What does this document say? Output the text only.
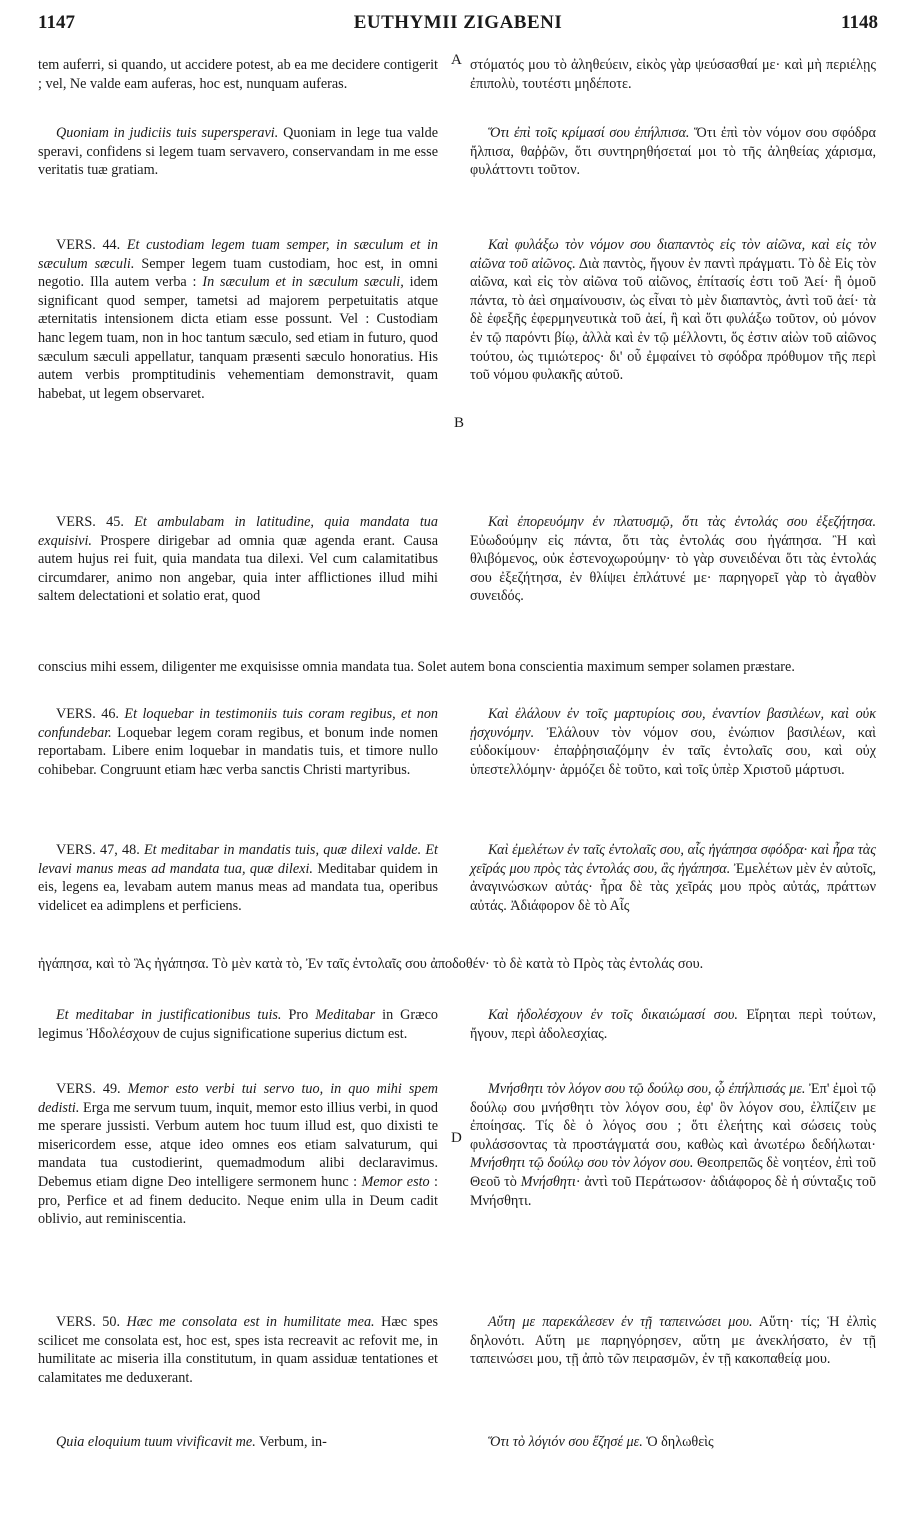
1147	EUTHYMII ZIGABENI	1148
A
B
D

tem auferri, si quando, ut accidere potest, ab ea me decidere contigerit ; vel, Ne valde eam auferas, hoc est, nunquam auferas.

στόματός μου τὸ ἀληθεύειν, εἰκὸς γὰρ ψεύσασθαί με· καὶ μὴ περιέλῃς ἐπιπολὺ, τουτέστι μηδέποτε.

Quoniam in judiciis tuis supersperavi. Quoniam in lege tua valde speravi, confidens si legem tuam servavero, conservandam in me esse veritatis tuæ gratiam.

Ὅτι ἐπὶ τοῖς κρίμασί σου ἐπήλπισα. Ὅτι ἐπὶ τὸν νόμον σου σφόδρα ἤλπισα, θαῤῥῶν, ὅτι συντηρηθήσεταί μοι τὸ τῆς ἀληθείας χάρισμα, φυλάττοντι τοῦτον.

VERS. 44. Et custodiam legem tuam semper, in sæculum et in sæculum sæculi. Semper legem tuam custodiam, hoc est, in omni negotio. Illa autem verba : In sæculum et in sæculum sæculi, idem significant quod semper, tametsi ad majorem perpetuitatis atque æternitatis intensionem dicta etiam esse possunt. Vel : Custodiam hanc legem tuam, non in hoc tantum sæculo, sed etiam in futuro, quod sæculum sæculi appellatur, tanquam præsenti sæculo honoratius. His autem verbis promptitudinis vehementiam demonstravit, quam habebat, ut legem observaret.

Καὶ φυλάξω τὸν νόμον σου διαπαντὸς εἰς τὸν αἰῶνα, καὶ εἰς τὸν αἰῶνα τοῦ αἰῶνος. Διὰ παντὸς, ἤγουν ἐν παντὶ πράγματι. Τὸ δὲ Εἰς τὸν αἰῶνα, καὶ εἰς τὸν αἰῶνα τοῦ αἰῶνος, ἐπίτασίς ἐστι τοῦ Ἀεί· ἢ ὁμοῦ πάντα, τὸ ἀεὶ σημαίνουσιν, ὡς εἶναι τὸ μὲν διαπαντὸς, ἀντὶ τοῦ ἀεί· τὰ δὲ ἐφεξῆς ἐφερμηνευτικὰ τοῦ ἀεί, ἢ καὶ ὅτι φυλάξω τοῦτον, οὐ μόνον ἐν τῷ παρόντι βίῳ, ἀλλὰ καὶ ἐν τῷ μέλλοντι, ὅς ἐστιν αἰὼν τοῦ αἰῶνος τούτου, ὡς τιμιώτερος· δι' οὗ ἐμφαίνει τὸ σφόδρα πρόθυμον τῆς περὶ τοῦ νόμου φυλακῆς αὐτοῦ.

VERS. 45. Et ambulabam in latitudine, quia mandata tua exquisivi. Prospere dirigebar ad omnia quæ agenda erant. Causa autem hujus rei fuit, quia mandata tua dilexi. Vel cum calamitatibus circumdarer, animo non angebar, quia inter afflictiones illud mihi saltem delectationi et solatio erat, quod

Καὶ ἐπορευόμην ἐν πλατυσμῷ, ὅτι τὰς ἐντολάς σου ἐξεζήτησα. Εὐωδούμην εἰς πάντα, ὅτι τὰς ἐντολάς σου ἠγάπησα. Ἢ καὶ θλιβόμενος, οὐκ ἐστενοχωρούμην· τὸ γὰρ συνειδέναι ὅτι τὰς ἐντολάς σου ἐξεζήτησα, ἐν θλίψει ἐπλάτυνέ με· παρηγορεῖ γὰρ τὸ ἀγαθὸν συνειδός.

conscius mihi essem, diligenter me exquisisse omnia mandata tua. Solet autem bona conscientia maximum semper solamen præstare.

VERS. 46. Et loquebar in testimoniis tuis coram regibus, et non confundebar. Loquebar legem coram regibus, et bonum inde nomen reportabam. Libere enim loquebar in mandatis tuis, et timore nullo cohibebar. Congruunt etiam hæc verba sanctis Christi martyribus.

Καὶ ἐλάλουν ἐν τοῖς μαρτυρίοις σου, ἐναντίον βασιλέων, καὶ οὐκ ᾐσχυνόμην. Ἐλάλουν τὸν νόμον σου, ἐνώπιον βασιλέων, καὶ εὐδοκίμουν· ἐπαῤῥησιαζόμην ἐν ταῖς ἐντολαῖς σου, καὶ οὐχ ὑπεστελλόμην· ἁρμόζει δὲ τοῦτο, καὶ τοῖς ὑπὲρ Χριστοῦ μάρτυσι.

VERS. 47, 48. Et meditabar in mandatis tuis, quæ dilexi valde. Et levavi manus meas ad mandata tua, quæ dilexi. Meditabar quidem in eis, legens ea, levabam autem manus meas ad mandata tua, operibus videlicet ea adimplens et perficiens.

Καὶ ἐμελέτων ἐν ταῖς ἐντολαῖς σου, αἷς ἠγάπησα σφόδρα· καὶ ἦρα τὰς χεῖράς μου πρὸς τὰς ἐντολάς σου, ἃς ἠγάπησα. Ἐμελέτων μὲν ἐν αὐτοῖς, ἀναγινώσκων αὐτάς· ἦρα δὲ τὰς χεῖράς μου πρὸς αὐτάς, πράττων αὐτάς. Ἀδιάφορον δὲ τὸ Αἷς

ἠγάπησα, καὶ τὸ Ἃς ἠγάπησα. Τὸ μὲν κατὰ τὸ, Ἐν ταῖς ἐντολαῖς σου ἀποδοθέν· τὸ δὲ κατὰ τὸ Πρὸς τὰς ἐντολάς σου.

Et meditabar in justificationibus tuis. Pro Meditabar in Græco legimus Ἠδολέσχουν de cujus significatione superius dictum est.

Καὶ ἠδολέσχουν ἐν τοῖς δικαιώμασί σου. Εἴρηται περὶ τούτων, ἤγουν, περὶ ἀδολεσχίας.

VERS. 49. Memor esto verbi tui servo tuo, in quo mihi spem dedisti. Erga me servum tuum, inquit, memor esto illius verbi, in quod me sperare jussisti. Verbum autem hoc tuum illud est, quo dixisti te misericordem esse, atque ideo omnes eos etiam salvaturum, qui mandata tua custodierint, quemadmodum alibi declaravimus. Debemus etiam digne Deo intelligere sermonem hunc : Memor esto : pro, Perfice et ad finem deducito. Neque enim ulla in Deum cadit oblivio, aut reminiscentia.

Μνήσθητι τὸν λόγον σου τῷ δούλῳ σου, ᾧ ἐπήλπισάς με. Ἐπ' ἐμοὶ τῷ δούλῳ σου μνήσθητι τὸν λόγον σου, ἐφ' ὃν λόγον σου, ἐλπίζειν με ἐποίησας. Τίς δὲ ὁ λόγος σου ; ὅτι ἐλεήτης καὶ σώσεις τοὺς φυλάσσοντας τὰ προστάγματά σου, καθὼς καὶ ἀνωτέρω δεδήλωται· Μνήσθητι τῷ δούλῳ σου τὸν λόγον σου. Θεοπρεπῶς δὲ νοητέον, ἐπὶ τοῦ Θεοῦ τὸ Μνήσθητι· ἀντὶ τοῦ Περάτωσον· ἀδιάφορος δὲ ἡ σύνταξις τοῦ Μνήσθητι.

VERS. 50. Hæc me consolata est in humilitate mea. Hæc spes scilicet me consolata est, hoc est, spes ista recreavit ac refovit me, in humilitate ac miseria illa constitutum, in quam assiduæ tentationes et calamitates me deduxerant.

Αὕτη με παρεκάλεσεν ἐν τῇ ταπεινώσει μου. Αὕτη· τίς; Ἡ ἐλπὶς δηλονότι. Αὕτη με παρηγόρησεν, αὕτη με ἀνεκλήσατο, ἐν τῇ ταπεινώσει μου, τῇ ἀπὸ τῶν πειρασμῶν, ἐν τῇ κακοπαθείᾳ μου.

Quia eloquium tuum vivificavit me. Verbum, in-	Ὅτι τὸ λόγιόν σου ἔζησέ με. Ὁ δηλωθεὶς
